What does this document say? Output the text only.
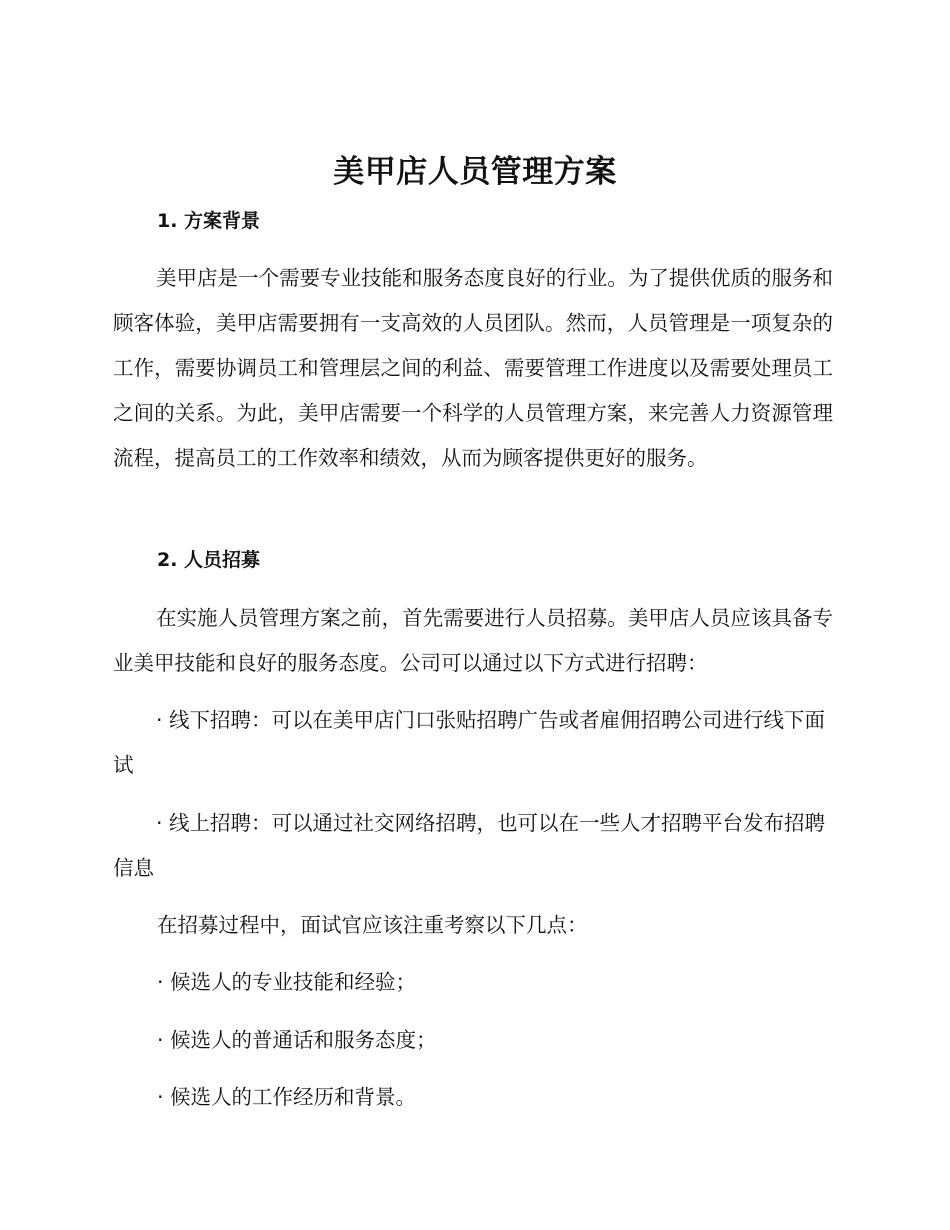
美甲店人员管理方案
1. 方案背景

美甲店是一个需要专业技能和服务态度良好的行业。为了提供优质的服务和顾客体验，美甲店需要拥有一支高效的人员团队。然而，人员管理是一项复杂的工作，需要协调员工和管理层之间的利益、需要管理工作进度以及需要处理员工之间的关系。为此，美甲店需要一个科学的人员管理方案，来完善人力资源管理流程，提高员工的工作效率和绩效，从而为顾客提供更好的服务。

2. 人员招募

在实施人员管理方案之前，首先需要进行人员招募。美甲店人员应该具备专业美甲技能和良好的服务态度。公司可以通过以下方式进行招聘：

· 线下招聘：可以在美甲店门口张贴招聘广告或者雇佣招聘公司进行线下面试

· 线上招聘：可以通过社交网络招聘，也可以在一些人才招聘平台发布招聘信息

在招募过程中，面试官应该注重考察以下几点：

· 候选人的专业技能和经验；

· 候选人的普通话和服务态度；

· 候选人的工作经历和背景。
